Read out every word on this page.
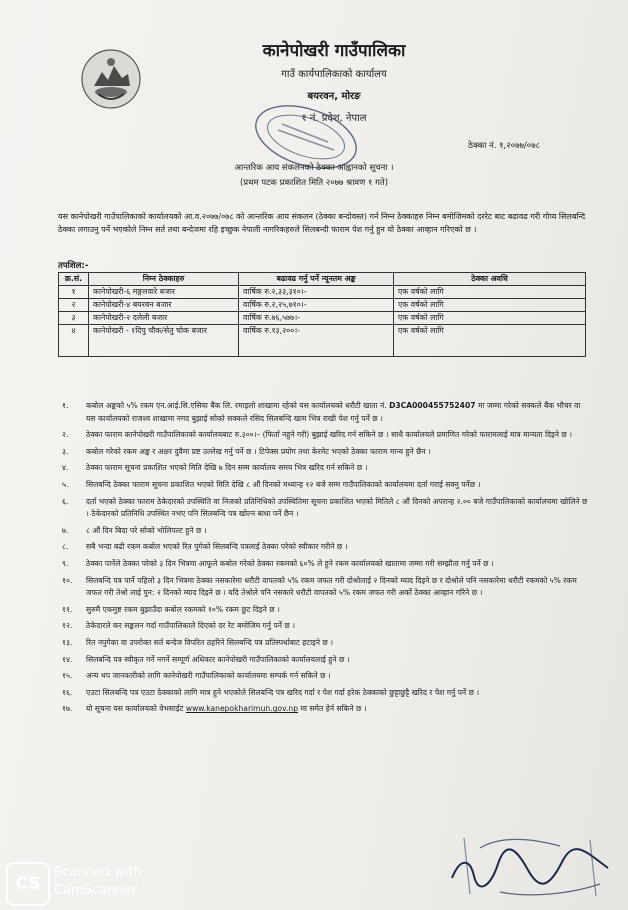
कानेपोखरी गाउँपालिका
गाउँ कार्यपालिकाको कार्यालय
बयरवन, मोरङ
१ नं. प्रदेश, नेपाल
ठेक्का नं. १,२०७७/०७८
आन्तरिक आय संकलनको ठेक्का आह्वानको सूचना ।
(प्रथम पटक प्रकाशित मिति २०७७ श्रावण १ गते)
यस कानेपोखरी गाउँपालिकाको कार्यालयको आ.व.२०७७/०७८ को आन्तरिक आय संकलन (ठेक्का बन्दोवस्त) गर्न निम्न ठेक्काहरु निम्न बमोजिमको दररेट बाट बढावढ गरी गोप्य सिलबन्दि ठेक्का लगाउनु पर्ने भएकोले निम्न सर्त तथा बन्देजमा रहि इच्छुक नेपाली नागरिकहरुले सिलबन्दी फाराम पेश गर्नु हुन यो ठेक्का आव्हान गरिएको छ ।
तपशिल:-
क्र.सं.	निम्न ठेक्काहरु	बढावढ गर्नु पर्ने न्यूनतम अङ्क	ठेक्का अवधि
१	कानेपोखरी-६ मङ्गलवारे बजार	वार्षिक रु.२,३३,३१०।-	एक वर्षको लागि
२	कानेपोखरी-४ बयरबन बजार	वार्षिक रु.२,२५,७१०।-	एक वर्षको लागि
३	कानेपोखरी-२ दलेली बजार	वार्षिक रु.७६,५७७।-	एक वर्षको लागि
४	कानेपोखरी - १दिपु चौक/सेतु चोक बजार	वार्षिक रु.१३,२००।-	एक वर्षको लागि
१.	कबोल अङ्कको ५% रकम एन.आई.सि.एसिया बैंक लि. रमाइलो शाखामा रहेको यस कार्यालयको धरौटी खाता नं. D3CA000455752407 मा जम्मा गरेको सक्कले बैंक भौचर वा यस कार्यालयको राजश्व शाखामा नगद बुझाई सोको सक्कले रसिद सिलबन्दि खाम भित्र राखी पेश गर्नु पर्ने छ ।
२.	ठेक्का फाराम कानेपोखरी गाउँपालिकाको कार्यालयबाट रु.३००।– (फिर्ता नहुने गरी) बुझाई खरिद गर्न सकिने छ । साथै कार्यालयले प्रमाणित गरेको फारामलाई मात्र मान्यता दिइने छ ।
३.	कबोल गरेको रकम अङ्क र अक्षर दुवैमा प्रष्ट उल्लेख गर्नु पर्ने छ । टिपेक्स प्रयोग तथा केरमेट भएको ठेक्का फाराम मान्य हुने छैन ।
४.	ठेक्का फाराम सूचना प्रकाशित भएको मिति देखि ७ दिन सम्म कार्यालय समय भित्र खरिद गर्न सकिने छ ।
५.	सिलबन्दि ठेक्का फाराम सूचना प्रकाशित भएको मिति देखि ८ औं दिनको मध्यान्ह १२ बजे सम्म गाउँपालिकाको कार्यालयमा दर्ता गराई सक्नु पर्नेछ ।
६.	दर्ता भएको ठेक्का फाराम ठेकेदारको उपस्थिति वा निजको प्रतिनिधिको उपस्थितिमा सूचना प्रकाशित भएको मितिले ८ औं दिनको अपरान्ह २.०० बजे गाउँपालिकाको कार्यालयमा खोलिने छ । ठेकेदारको प्रतिनिधि उपस्थित नभए पनि सिलबन्दि पत्र खोल्न बाधा पर्ने छैन ।
७.	८ औं दिन बिदा परे सोको भोलिपल्ट हुने छ ।
८.	सबै भन्दा बढी रकम कबोल भएको रित पुगेको सिलबन्दि पत्रलाई ठेक्का परेको स्वीकार गरीने छ ।
९.	ठेक्का पार्नेले ठेक्का परेको ३ दिन भित्रमा आफूले कबोल गरेको ठेक्का रकमको ६०% ले हुने रकम कार्यालयको खातामा जम्मा गरी सम्झौता गर्नु पर्ने छ ।
१०.	सिलबन्दि पत्र पार्ने पहिलो ३ दिन भित्रमा ठेक्का नसकारेमा धरौटी वापतको ५% रकम जफत गरी दोश्रोलाई २ दिनको म्याद दिइने छ र दोश्रोले पनि नसकारेमा धरौटी रकमको ५% रकम जफत गरी तेश्रो लाई पुन: २ दिनको म्याद दिइने छ । यदि तेश्रोले पनि नसकारे धरौटी वापतको ५% रकम जफत गरी अर्को ठेक्का आव्हान गरिने छ ।
११.	सुरुमै एकमुष्ट रकम बुझाउँदा कबोल रकमको १०% रकम छुट दिइने छ ।
१२.	ठेकेदारले कर सङ्कलन गर्दा गाउँपालिकाले दिएको दर रेट बमोजिम गर्नु पर्ने छ ।
१३.	रित नपुगेका वा उपरोक्त सर्त बन्देज विपरित ठहरिने सिलबन्दि पत्र प्रतिस्पर्धाबाट हटाइने छ ।
१४.	सिलबन्दि पत्र स्वीकृत गर्ने नगर्ने सम्पूर्ण अधिकार कानेपोखरी गाउँपालिकाको कार्यालयलाई हुने छ ।
१५.	अन्य थप जानकारीको लागि कानेपोखरी गाउँपालिकाको कार्यालयमा सम्पर्क गर्न सकिने छ ।
१६.	एउटा सिलबन्दि पत्र एउटा ठेक्काको लागि मात्र हुने भएकोले सिलबन्दि पत्र खरिद गर्दा र पेश गर्दा हरेक ठेक्काको छुट्टाछुट्टै खरिद र पेश गर्नु पर्ने छ ।
१७.	यो सूचना यस कार्यालयको वेभसाईट www.kanepokharimun.gov.np मा समेत हेर्न सकिने छ ।
CS
Scanned with
CamScanner
